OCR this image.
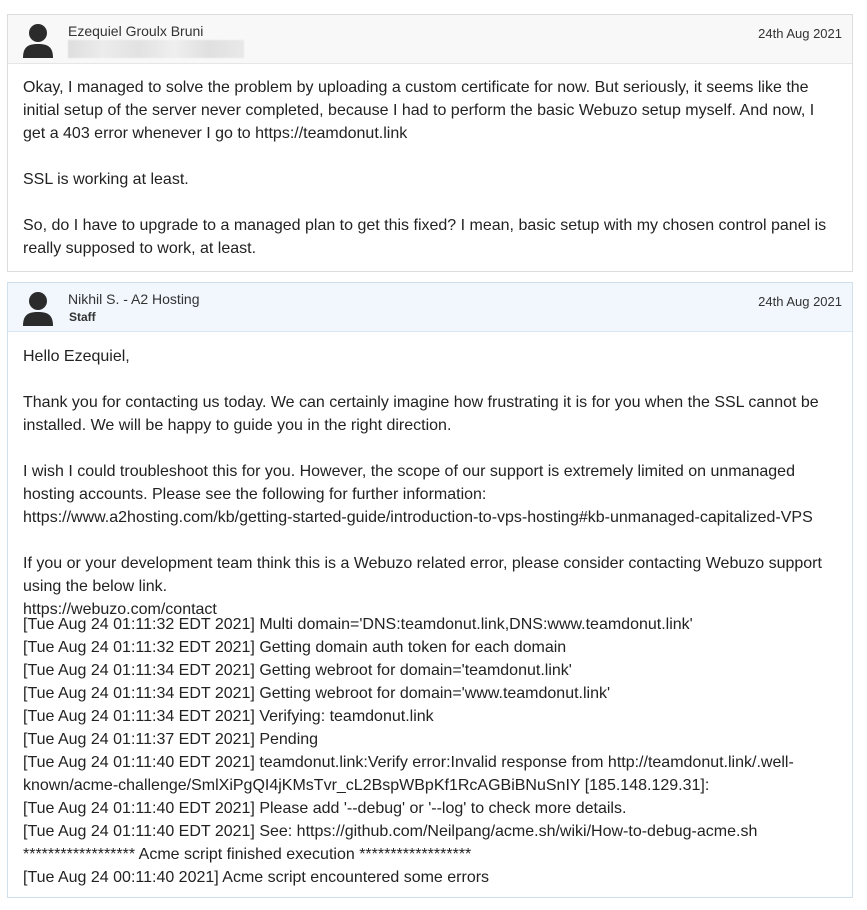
Ezequiel Groulx Bruni	24th Aug 2021

Okay, I managed to solve the problem by uploading a custom certificate for now. But seriously, it seems like the initial setup of the server never completed, because I had to perform the basic Webuzo setup myself. And now, I get a 403 error whenever I go to https://teamdonut.link

SSL is working at least.

So, do I have to upgrade to a managed plan to get this fixed? I mean, basic setup with my chosen control panel is really supposed to work, at least.

Nikhil S. - A2 Hosting
Staff
24th Aug 2021

Hello Ezequiel,

Thank you for contacting us today. We can certainly imagine how frustrating it is for you when the SSL cannot be installed. We will be happy to guide you in the right direction.

I wish I could troubleshoot this for you. However, the scope of our support is extremely limited on unmanaged hosting accounts. Please see the following for further information:

https://www.a2hosting.com/kb/getting-started-guide/introduction-to-vps-hosting#kb-unmanaged-capitalized-VPS

If you or your development team think this is a Webuzo related error, please consider contacting Webuzo support using the below link.

https://webuzo.com/contact

[Tue Aug 24 01:11:32 EDT 2021] Multi domain='DNS:teamdonut.link,DNS:www.teamdonut.link'
[Tue Aug 24 01:11:32 EDT 2021] Getting domain auth token for each domain
[Tue Aug 24 01:11:34 EDT 2021] Getting webroot for domain='teamdonut.link'
[Tue Aug 24 01:11:34 EDT 2021] Getting webroot for domain='www.teamdonut.link'
[Tue Aug 24 01:11:34 EDT 2021] Verifying: teamdonut.link
[Tue Aug 24 01:11:37 EDT 2021] Pending
[Tue Aug 24 01:11:40 EDT 2021] teamdonut.link:Verify error:Invalid response from http://teamdonut.link/.well-known/acme-challenge/SmlXiPgQI4jKMsTvr_cL2BspWBpKf1RcAGBiBNuSnIY [185.148.129.31]:
[Tue Aug 24 01:11:40 EDT 2021] Please add '--debug' or '--log' to check more details.
[Tue Aug 24 01:11:40 EDT 2021] See: https://github.com/Neilpang/acme.sh/wiki/How-to-debug-acme.sh
****************** Acme script finished execution ******************
[Tue Aug 24 00:11:40 2021] Acme script encountered some errors
